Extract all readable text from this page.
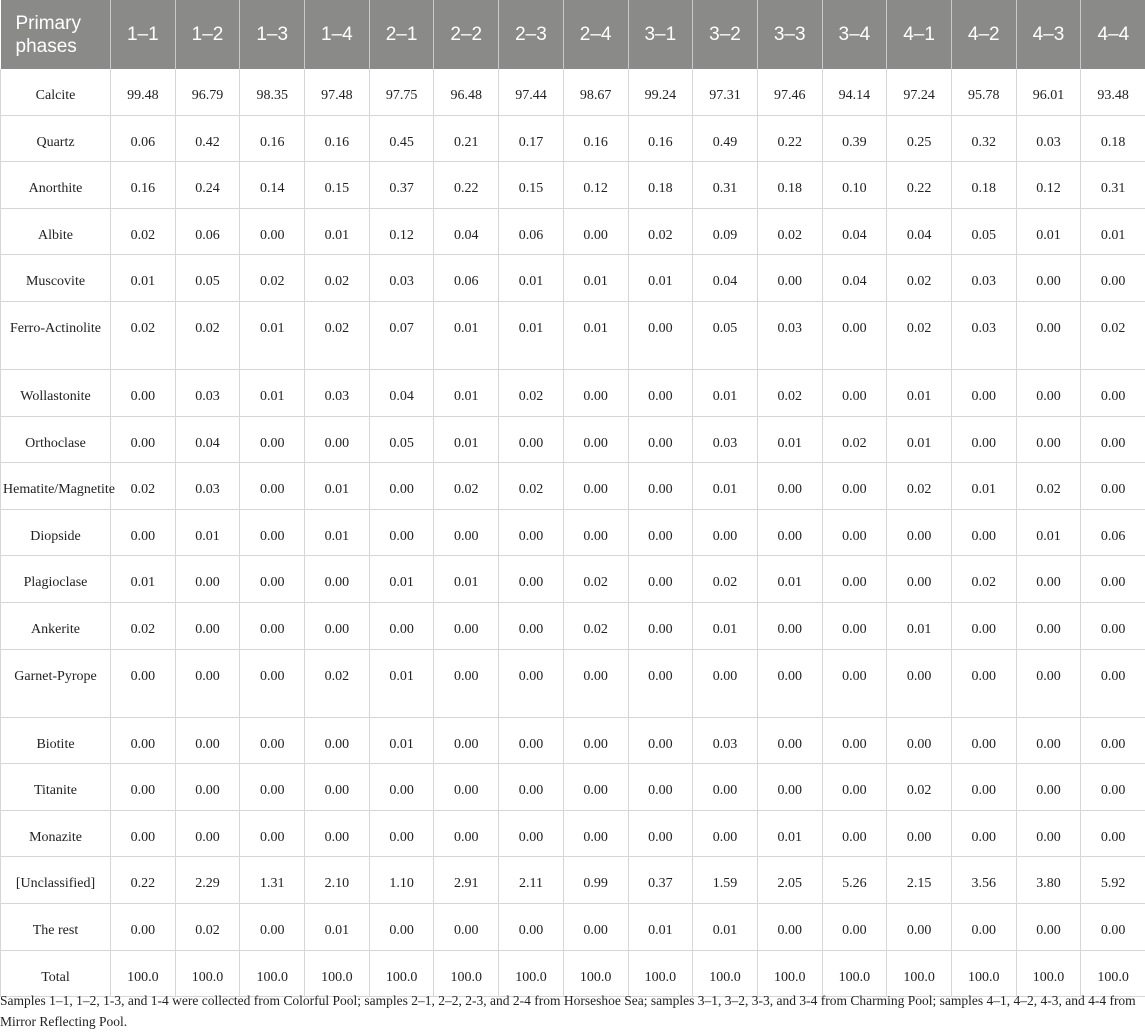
Primary phases	1–1	1–2	1–3	1–4	2–1	2–2	2–3	2–4	3–1	3–2	3–3	3–4	4–1	4–2	4–3	4–4
Calcite	99.48	96.79	98.35	97.48	97.75	96.48	97.44	98.67	99.24	97.31	97.46	94.14	97.24	95.78	96.01	93.48
Quartz	0.06	0.42	0.16	0.16	0.45	0.21	0.17	0.16	0.16	0.49	0.22	0.39	0.25	0.32	0.03	0.18
Anorthite	0.16	0.24	0.14	0.15	0.37	0.22	0.15	0.12	0.18	0.31	0.18	0.10	0.22	0.18	0.12	0.31
Albite	0.02	0.06	0.00	0.01	0.12	0.04	0.06	0.00	0.02	0.09	0.02	0.04	0.04	0.05	0.01	0.01
Muscovite	0.01	0.05	0.02	0.02	0.03	0.06	0.01	0.01	0.01	0.04	0.00	0.04	0.02	0.03	0.00	0.00
Ferro-Actinolite	0.02	0.02	0.01	0.02	0.07	0.01	0.01	0.01	0.00	0.05	0.03	0.00	0.02	0.03	0.00	0.02
Wollastonite	0.00	0.03	0.01	0.03	0.04	0.01	0.02	0.00	0.00	0.01	0.02	0.00	0.01	0.00	0.00	0.00
Orthoclase	0.00	0.04	0.00	0.00	0.05	0.01	0.00	0.00	0.00	0.03	0.01	0.02	0.01	0.00	0.00	0.00
Hematite/Magnetite	0.02	0.03	0.00	0.01	0.00	0.02	0.02	0.00	0.00	0.01	0.00	0.00	0.02	0.01	0.02	0.00
Diopside	0.00	0.01	0.00	0.01	0.00	0.00	0.00	0.00	0.00	0.00	0.00	0.00	0.00	0.00	0.01	0.06
Plagioclase	0.01	0.00	0.00	0.00	0.01	0.01	0.00	0.02	0.00	0.02	0.01	0.00	0.00	0.02	0.00	0.00
Ankerite	0.02	0.00	0.00	0.00	0.00	0.00	0.00	0.02	0.00	0.01	0.00	0.00	0.01	0.00	0.00	0.00
Garnet-Pyrope	0.00	0.00	0.00	0.02	0.01	0.00	0.00	0.00	0.00	0.00	0.00	0.00	0.00	0.00	0.00	0.00
Biotite	0.00	0.00	0.00	0.00	0.01	0.00	0.00	0.00	0.00	0.03	0.00	0.00	0.00	0.00	0.00	0.00
Titanite	0.00	0.00	0.00	0.00	0.00	0.00	0.00	0.00	0.00	0.00	0.00	0.00	0.02	0.00	0.00	0.00
Monazite	0.00	0.00	0.00	0.00	0.00	0.00	0.00	0.00	0.00	0.00	0.01	0.00	0.00	0.00	0.00	0.00
[Unclassified]	0.22	2.29	1.31	2.10	1.10	2.91	2.11	0.99	0.37	1.59	2.05	5.26	2.15	3.56	3.80	5.92
The rest	0.00	0.02	0.00	0.01	0.00	0.00	0.00	0.00	0.01	0.01	0.00	0.00	0.00	0.00	0.00	0.00
Total	100.0	100.0	100.0	100.0	100.0	100.0	100.0	100.0	100.0	100.0	100.0	100.0	100.0	100.0	100.0	100.0
Samples 1–1, 1–2, 1-3, and 1-4 were collected from Colorful Pool; samples 2–1, 2–2, 2-3, and 2-4 from Horseshoe Sea; samples 3–1, 3–2, 3-3, and 3-4 from Charming Pool; samples 4–1, 4–2, 4-3, and 4-4 from Mirror Reflecting Pool.
